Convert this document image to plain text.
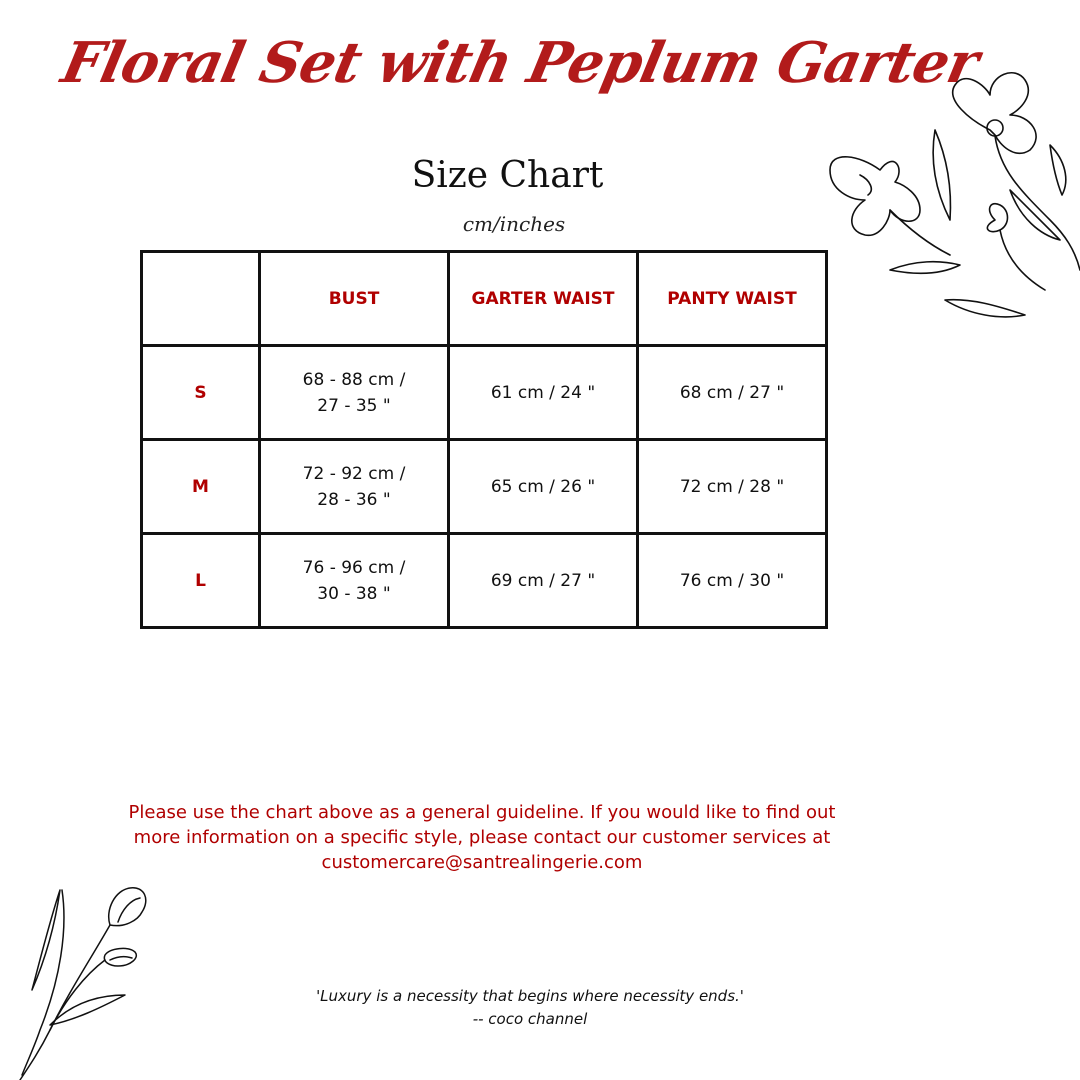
Floral Set with Peplum Garter
Size Chart
cm/inches
	BUST	GARTER WAIST	PANTY WAIST
S	68 - 88 cm /
27 - 35 "	61 cm / 24 "	68 cm / 27 "
M	72 - 92 cm /
28 - 36 "	65 cm / 26 "	72 cm / 28 "
L	76 - 96 cm /
30 - 38 "	69 cm / 27 "	76 cm / 30 "
Please use the chart above as a general guideline. If you would like to find out
more information on a specific style, please contact our customer services at
customercare@santrealingerie.com
'Luxury is a necessity that begins where necessity ends.'
-- coco channel
